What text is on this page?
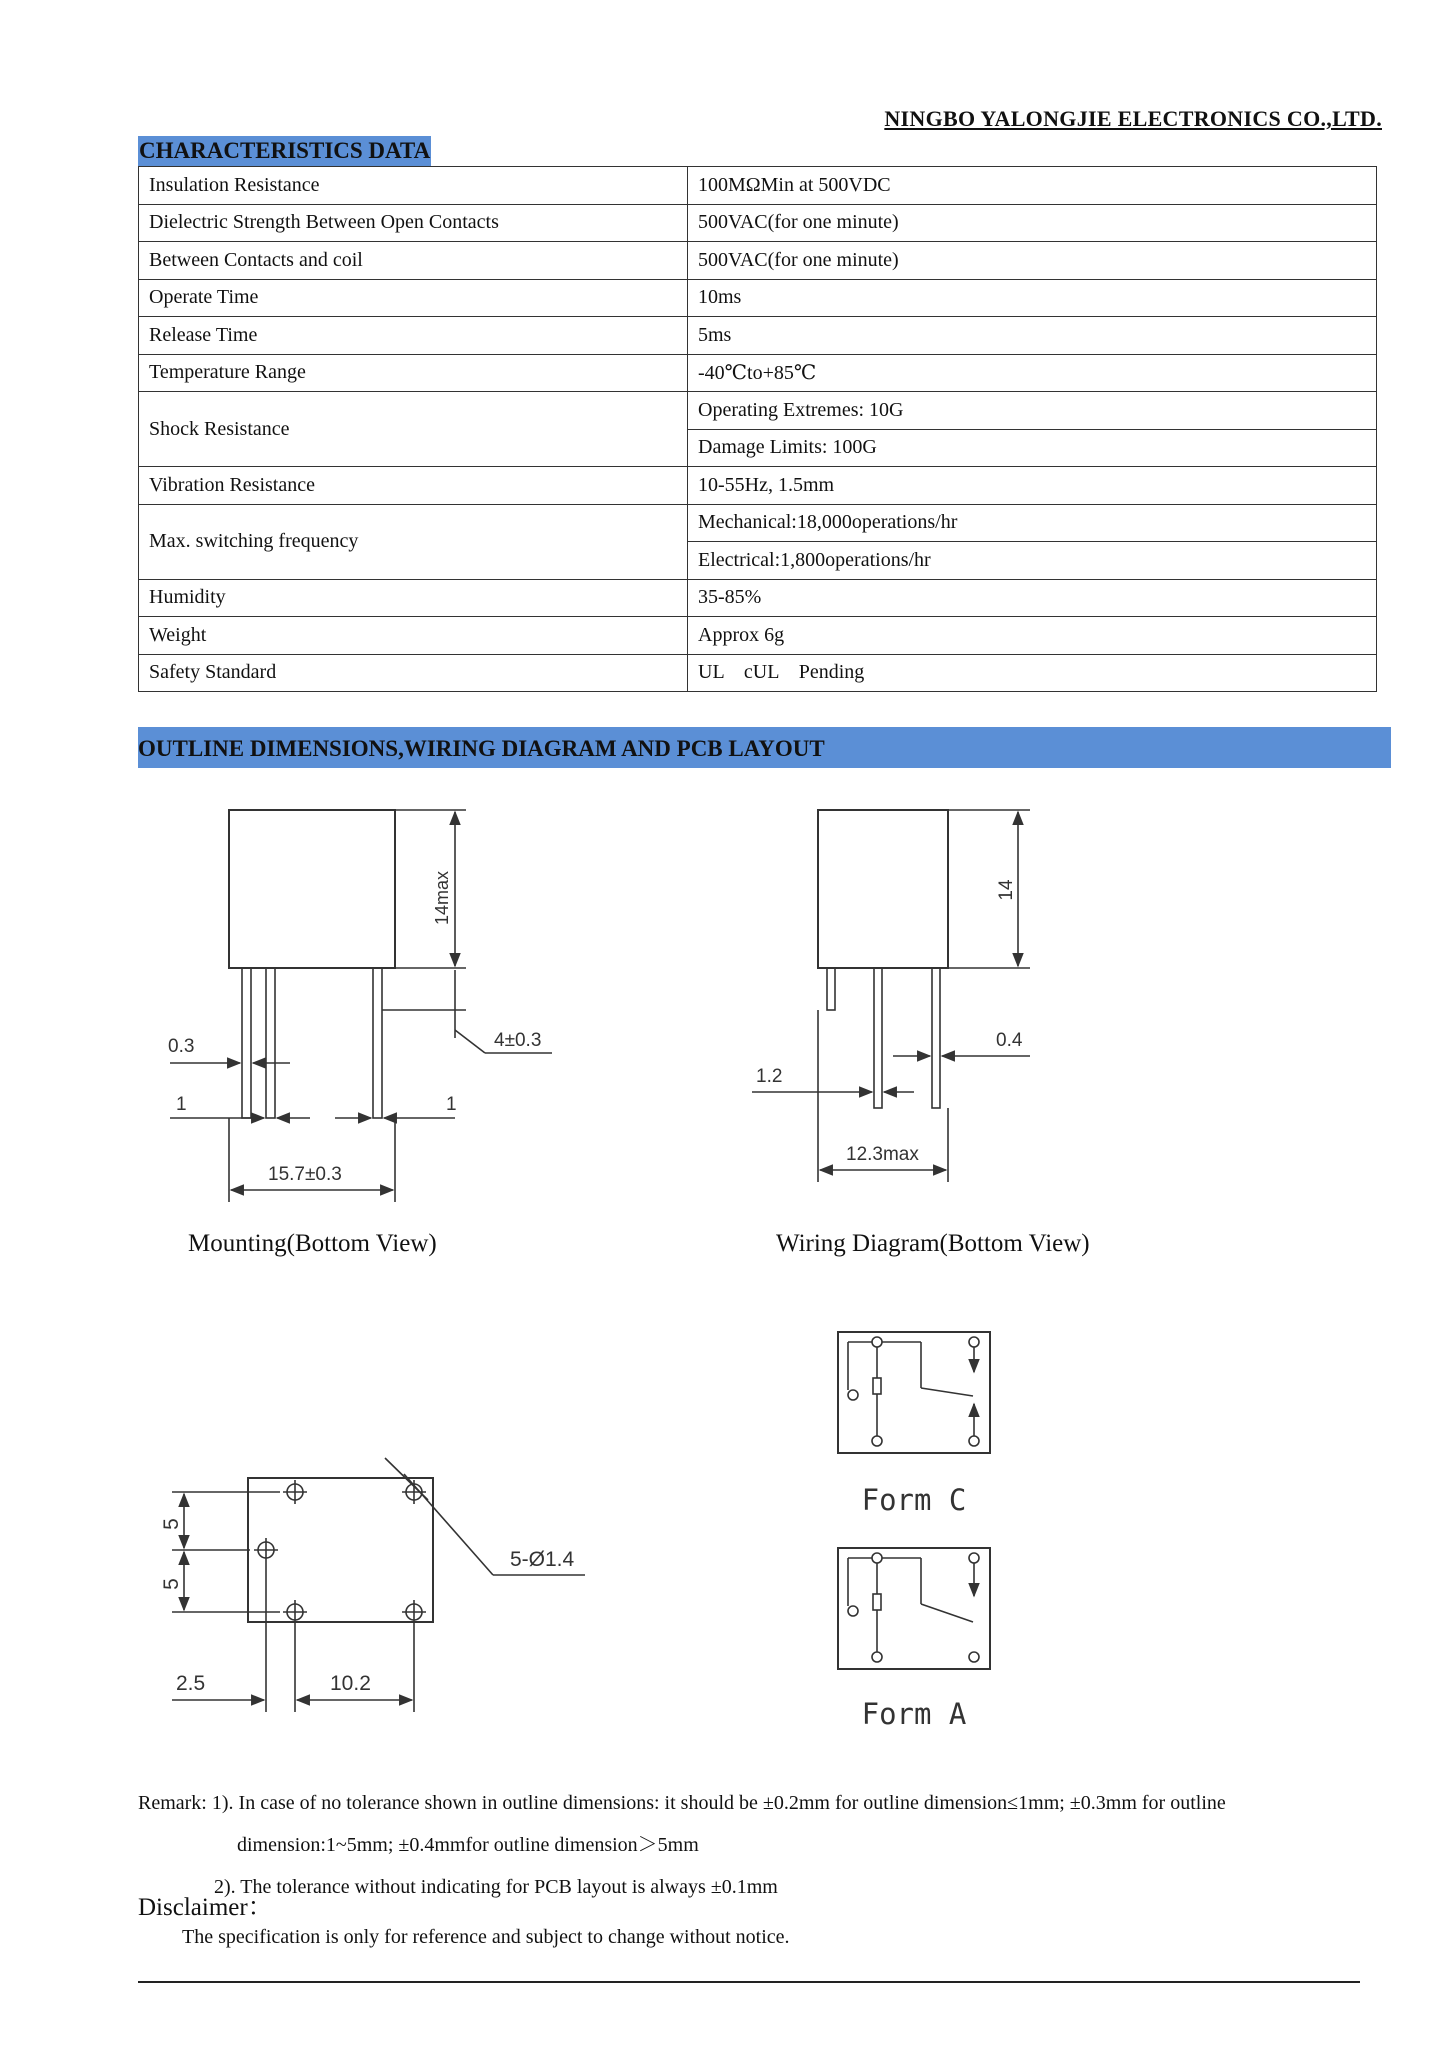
NINGBO YALONGJIE ELECTRONICS CO.,LTD.
CHARACTERISTICS DATA
Insulation Resistance	100MΩMin at 500VDC
Dielectric Strength Between Open Contacts	500VAC(for one minute)
Between Contacts and coil	500VAC(for one minute)
Operate Time	10ms
Release Time	5ms
Temperature Range	-40℃to+85℃
Shock Resistance	Operating Extremes: 10G
	Damage Limits: 100G
Vibration Resistance	10-55Hz, 1.5mm
Max. switching frequency	Mechanical:18,000operations/hr
	Electrical:1,800operations/hr
Humidity	35-85%
Weight	Approx 6g
Safety Standard	UL    cUL    Pending
OUTLINE DIMENSIONS,WIRING DIAGRAM AND PCB LAYOUT
14max
4±0.3
0.3
1	1
15.7±0.3
14
0.4
1.2
12.3max
5
5
2.5	10.2
5-Ø1.4
Form C
Form A
Mounting(Bottom View)	Wiring Diagram(Bottom View)
Remark: 1). In case of no tolerance shown in outline dimensions: it should be ±0.2mm for outline dimension≤1mm; ±0.3mm for outline
dimension:1~5mm; ±0.4mmfor outline dimension＞5mm
2). The tolerance without indicating for PCB layout is always ±0.1mm
Disclaimer：
The specification is only for reference and subject to change without notice.
